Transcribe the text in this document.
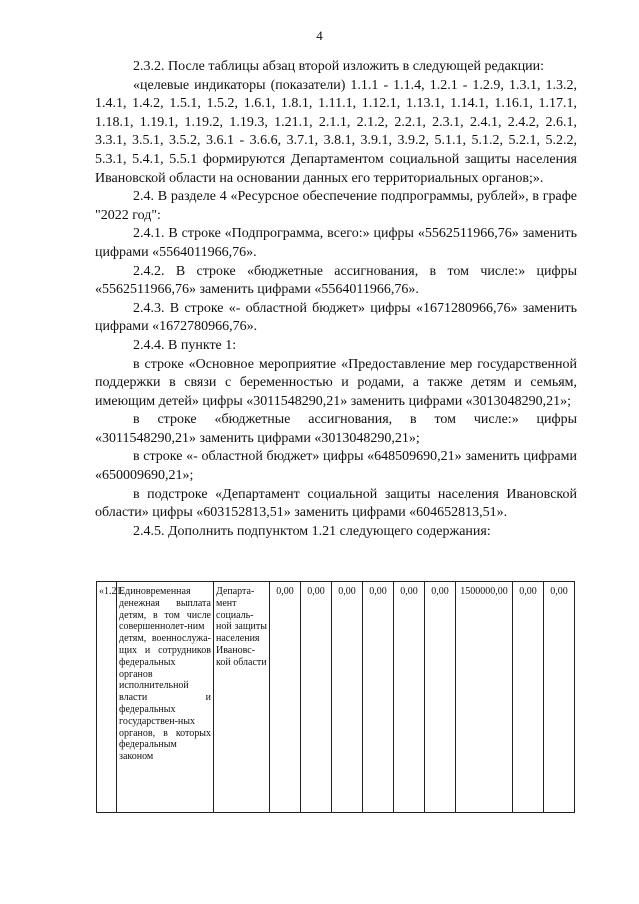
4

2.3.2. После таблицы абзац второй изложить в следующей редакции:

«целевые индикаторы (показатели) 1.1.1 - 1.1.4, 1.2.1 - 1.2.9, 1.3.1, 1.3.2, 1.4.1, 1.4.2, 1.5.1, 1.5.2, 1.6.1, 1.8.1, 1.11.1, 1.12.1, 1.13.1, 1.14.1, 1.16.1, 1.17.1, 1.18.1, 1.19.1, 1.19.2, 1.19.3, 1.21.1, 2.1.1, 2.1.2, 2.2.1, 2.3.1, 2.4.1, 2.4.2, 2.6.1, 3.3.1, 3.5.1, 3.5.2, 3.6.1 - 3.6.6, 3.7.1, 3.8.1, 3.9.1, 3.9.2, 5.1.1, 5.1.2, 5.2.1, 5.2.2, 5.3.1, 5.4.1, 5.5.1 формируются Департаментом социальной защиты населения Ивановской области на основании данных его территориальных органов;».

2.4. В разделе 4 «Ресурсное обеспечение подпрограммы, рублей», в графе "2022 год":

2.4.1. В строке «Подпрограмма, всего:» цифры «5562511966,76» заменить цифрами «5564011966,76».

2.4.2. В строке «бюджетные ассигнования, в том числе:» цифры «5562511966,76» заменить цифрами «5564011966,76».

2.4.3. В строке «- областной бюджет» цифры «1671280966,76» заменить цифрами «1672780966,76».

2.4.4. В пункте 1:

в строке «Основное мероприятие «Предоставление мер государственной поддержки в связи с беременностью и родами, а также детям и семьям, имеющим детей» цифры «3011548290,21» заменить цифрами «3013048290,21»;

в строке «бюджетные ассигнования, в том числе:» цифры «3011548290,21» заменить цифрами «3013048290,21»;

в строке «- областной бюджет» цифры «648509690,21» заменить цифрами «650009690,21»;

в подстроке «Департамент социальной защиты населения Ивановской области» цифры «603152813,51» заменить цифрами «604652813,51».

2.4.5. Дополнить подпунктом 1.21 следующего содержания:

«1.21.	Единовременная денежная выплата детям, в том числе совершеннолет-ним детям, военнослужа-щих и сотрудников федеральных органов исполнительной власти и федеральных государствен-ных органов, в которых федеральным законом	Департа-мент социаль-ной защиты населения Ивановс-кой области	0,00	0,00	0,00	0,00	0,00	0,00	1500000,00	0,00	0,00
